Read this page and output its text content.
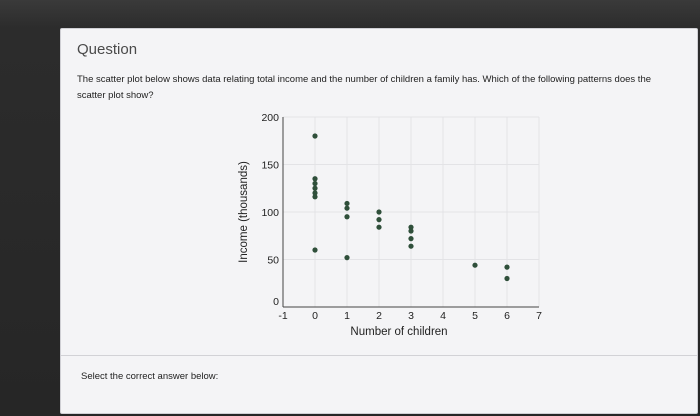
Question
The scatter plot below shows data relating total income and the number of children a family has. Which of the following patterns does the scatter plot show?
-1 0 1 2 3 4 5 6 7
0
50
100
150
200
Number of children
Income (thousands)
Select the correct answer below:
